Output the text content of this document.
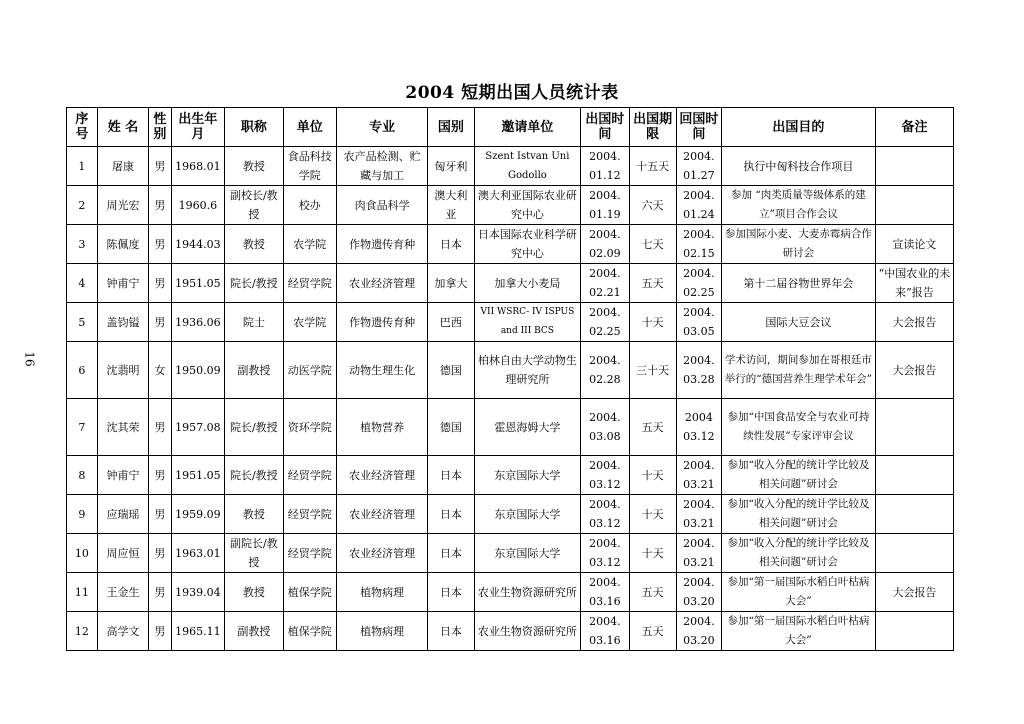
2004 短期出国人员统计表
16
序号	姓 名	性别	出生年月	职称	单位	专业	国别	邀请单位	出国时间	出国期限	回国时间	出国目的	备注
1	屠康	男	1968.01	教授	食品科技学院	农产品检测、贮藏与加工	匈牙利	Szent Istvan Uni Godollo	2004. 01.12	十五天	2004. 01.27	执行中匈科技合作项目	
2	周光宏	男	1960.6	副校长/教授	校办	肉食品科学	澳大利亚	澳大利亚国际农业研究中心	2004. 01.19	六天	2004. 01.24	参加 “肉类质量等级体系的建立”项目合作会议	
3	陈佩度	男	1944.03	教授	农学院	作物遗传育种	日本	日本国际农业科学研究中心	2004. 02.09	七天	2004. 02.15	参加国际小麦、大麦赤霉病合作研讨会	宣读论文
4	钟甫宁	男	1951.05	院长/教授	经贸学院	农业经济管理	加拿大	加拿大小麦局	2004. 02.21	五天	2004. 02.25	第十二届谷物世界年会	“中国农业的未来”报告
5	盖钧镒	男	1936.06	院士	农学院	作物遗传育种	巴西	VII WSRC- IV ISPUS and III BCS	2004. 02.25	十天	2004. 03.05	国际大豆会议	大会报告
6	沈翡明	女	1950.09	副教授	动医学院	动物生理生化	德国	柏林自由大学动物生理研究所	2004. 02.28	三十天	2004. 03.28	学术访问，期间参加在哥根廷市举行的“德国营养生理学术年会”	大会报告
7	沈其荣	男	1957.08	院长/教授	资环学院	植物营养	德国	霍恩海姆大学	2004. 03.08	五天	2004 03.12	参加“中国食品安全与农业可持续性发展”专家评审会议	
8	钟甫宁	男	1951.05	院长/教授	经贸学院	农业经济管理	日本	东京国际大学	2004. 03.12	十天	2004. 03.21	参加“收入分配的统计学比较及相关问题”研讨会	
9	应瑞瑶	男	1959.09	教授	经贸学院	农业经济管理	日本	东京国际大学	2004. 03.12	十天	2004. 03.21	参加“收入分配的统计学比较及相关问题”研讨会	
10	周应恒	男	1963.01	副院长/教授	经贸学院	农业经济管理	日本	东京国际大学	2004. 03.12	十天	2004. 03.21	参加“收入分配的统计学比较及相关问题”研讨会	
11	王金生	男	1939.04	教授	植保学院	植物病理	日本	农业生物资源研究所	2004. 03.16	五天	2004. 03.20	参加“第一届国际水稻白叶枯病大会”	大会报告
12	高学文	男	1965.11	副教授	植保学院	植物病理	日本	农业生物资源研究所	2004. 03.16	五天	2004. 03.20	参加“第一届国际水稻白叶枯病大会”	
